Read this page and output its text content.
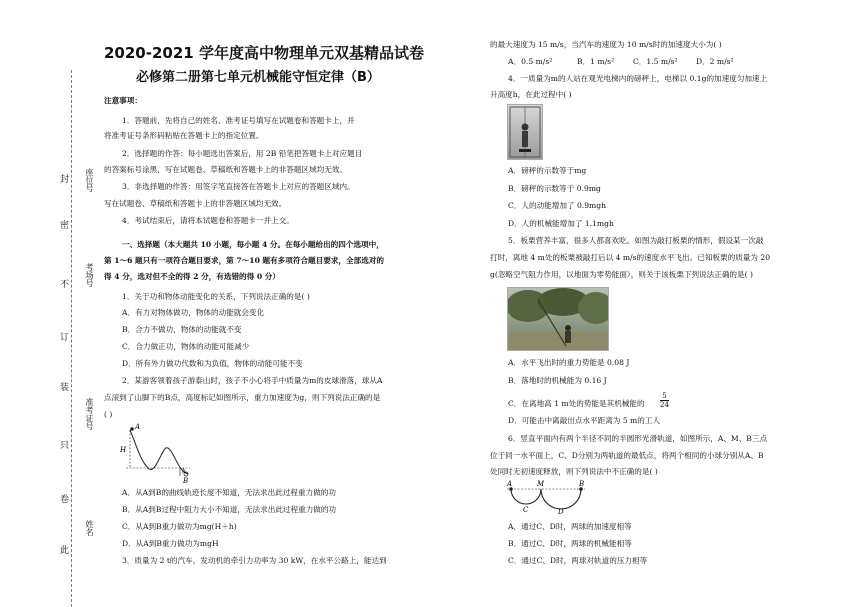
封
密
不
订
装
只
卷
此
座位号
考场号
准考证号
姓名
2020-2021 学年度高中物理单元双基精品试卷
必修第二册第七单元机械能守恒定律（B）
注意事项：
1．答题前，先将自己的姓名、准考证号填写在试题卷和答题卡上，并
将准考证号条形码粘贴在答题卡上的指定位置。
2．选择题的作答：每小题选出答案后，用 2B 铅笔把答题卡上对应题目
的答案标号涂黑，写在试题卷、草稿纸和答题卡上的非答题区域均无效。
3．非选择题的作答：用签字笔直接答在答题卡上对应的答题区域内。
写在试题卷、草稿纸和答题卡上的非答题区域均无效。
4．考试结束后，请将本试题卷和答题卡一并上交。
一、选择题（本大题共 10 小题，每小题 4 分。在每小题给出的四个选项中，
第 1～6 题只有一项符合题目要求，第 7～10 题有多项符合题目要求，全部选对的
得 4 分，选对但不全的得 2 分，有选错的得 0 分）
1．关于功和物体动能变化的关系，下列说法正确的是( )
A．有力对物体做功，物体的动能就会变化
B．合力不做功，物体的动能就不变
C．合力做正功，物体的动能可能减少
D．所有外力做功代数和为负值，物体的动能可能不变
2．某游客领着孩子游泰山时，孩子不小心将手中质量为m的皮球滑落，球从A
点滚到了山脚下的B点，高度标记如图所示，重力加速度为g，则下列说法正确的是
( )
A
H
h
B
A．从A到B的曲线轨迹长度不知道，无法求出此过程重力做的功
B．从A到B过程中阻力大小不知道，无法求出此过程重力做的功
C．从A到B重力做功为mg(H＋h)
D．从A到B重力做功为mgH
3．质量为 2 t的汽车，发动机的牵引力功率为 30 kW，在水平公路上，能达到
的最大速度为 15 m/s，当汽车的速度为 10 m/s时的加速度大小为( )
A．0.5 m/s²	B．1 m/s² C．1.5 m/s² D．2 m/s²
4．一质量为m的人站在观光电梯内的磅秤上，电梯以 0.1g的加速度匀加速上
升高度h，在此过程中( )
A．磅秤的示数等于mg
B．磅秤的示数等于 0.9mg
C．人的动能增加了 0.9mgh
D．人的机械能增加了 1.1mgh
5．板栗营养丰富，很多人都喜欢吃。如图为敲打板栗的情形，假设某一次敲
打时，离地 4 m处的板栗被敲打后以 4 m/s的速度水平飞出。已知板栗的质量为 20
g(忽略空气阻力作用，以地面为零势能面），则关于该板栗下列说法正确的是( )
A．水平飞出时的重力势能是 0.08 J
B．落地时的机械能为 0.16 J
C．在离地高 1 m处的势能是其机械能的 $\frac{5}{24}$
D．可能击中离敲出点水平距离为 5 m的工人
6．竖直平面内有两个半径不同的半圆形光滑轨道，如图所示，A、M、B三点
位于同一水平面上，C、D分别为两轨道的最低点，将两个相同的小球分别从A、B
处同时无初速度释放，则下列说法中不正确的是( )
A	M	B
C	D
A．通过C、D时，两球的加速度相等
B．通过C、D时，两球的机械能相等
C．通过C、D时，两球对轨道的压力相等
